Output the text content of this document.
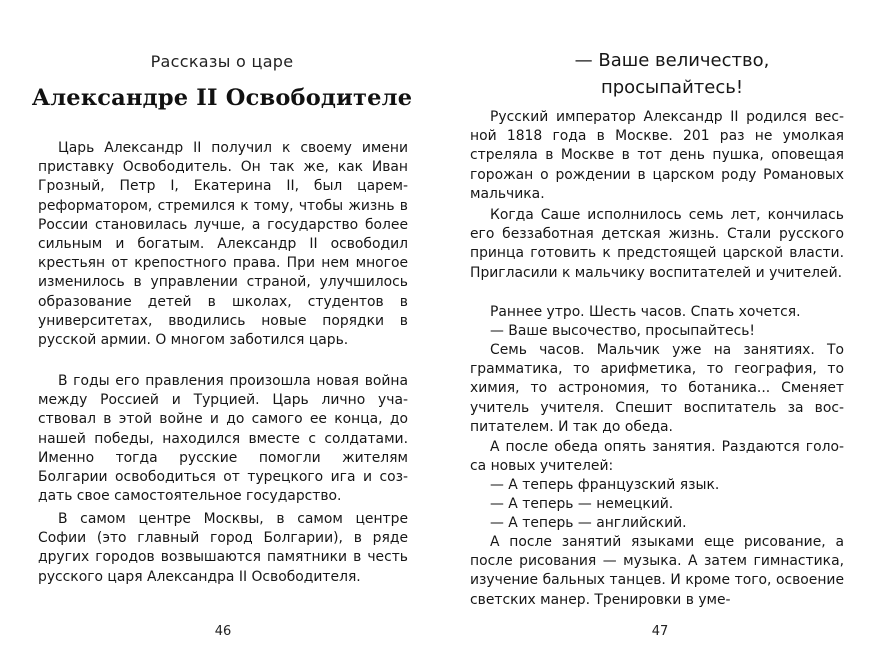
Рассказы о царе
Александре II Освободителе

Царь Александр II получил к своему имени приставку Освободитель. Он так же, как Иван Грозный, Петр I, Екатерина II, был царем-реформатором, стремился к тому, чтобы жизнь в России становилась лучше, а государство более сильным и богатым. Александр II освободил крестьян от крепостного права. При нем многое изменилось в управлении страной, улучшилось образование детей в школах, студентов в университетах, вводились новые порядки в русской армии. О многом заботился царь.

В годы его правления произошла новая война между Россией и Турцией. Царь лично участвовал в этой войне и до самого ее конца, до нашей победы, находился вместе с солдатами. Именно тогда русские помогли жителям Болгарии освободиться от турецкого ига и создать свое самостоятельное государство.

В самом центре Москвы, в самом центре Софии (это главный город Болгарии), в ряде других городов возвышаются памятники в честь русского царя Александра II Освободителя.

46
— Ваше величество,
просыпайтесь!

Русский император Александр II родился весной 1818 года в Москве. 201 раз не умолкая стреляла в Москве в тот день пушка, оповещая горожан о рождении в царском роду Романовых мальчика.

Когда Саше исполнилось семь лет, кончилась его беззаботная детская жизнь. Стали русского принца готовить к предстоящей царской власти. Пригласили к мальчику воспитателей и учителей.

Раннее утро. Шесть часов. Спать хочется.

— Ваше высочество, просыпайтесь!

Семь часов. Мальчик уже на занятиях. То грамматика, то арифметика, то география, то химия, то астрономия, то ботаника... Сменяет учитель учителя. Спешит воспитатель за воспитателем. И так до обеда.

А после обеда опять занятия. Раздаются голоса новых учителей:

— А теперь французский язык.

— А теперь — немецкий.

— А теперь — английский.

А после занятий языками еще рисование, а после рисования — музыка. А затем гимнастика, изучение бальных танцев. И кроме того, освоение светских манер. Тренировки в уме-

47
